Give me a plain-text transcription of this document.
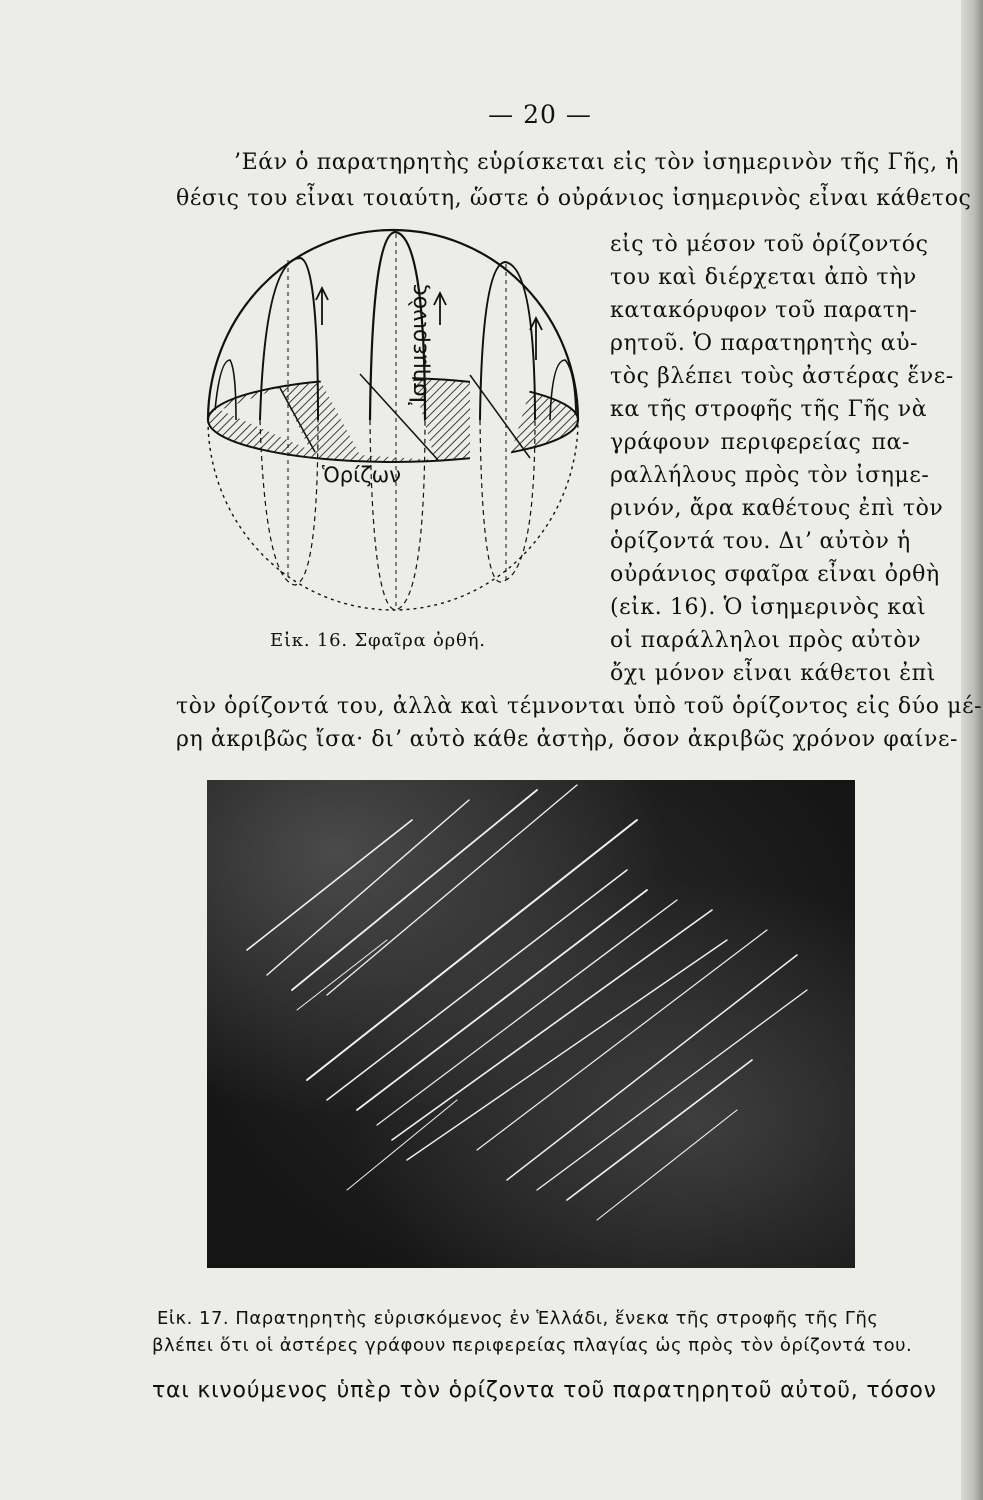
— 20 —
’Εάν ὁ παρατηρητὴς εὑρίσκεται εἰς τὸν ἰσημερινὸν τῆς Γῆς, ἡ
θέσις του εἶναι τοιαύτη, ὥστε ὁ οὐράνιος ἰσημερινὸς εἶναι κάθετος
Ἰσημερινὸς
Ὁρίζων
Εἰκ. 16. Σφαῖρα ὀρθή.
εἰς τὸ μέσον τοῦ ὁρίζοντός
του καὶ διέρχεται ἀπὸ τὴν
κατακόρυφον τοῦ παρατη-
ρητοῦ. Ὁ παρατηρητὴς αὐ-
τὸς βλέπει τοὺς ἀστέρας ἕνε-
κα τῆς στροφῆς τῆς Γῆς νὰ
γράφουν περιφερείας πα-
ραλλήλους πρὸς τὸν ἰσημε-
ρινόν, ἄρα καθέτους ἐπὶ τὸν
ὁρίζοντά του. Διʼ αὐτὸν ἡ
οὐράνιος σφαῖρα εἶναι ὀρθὴ
(εἰκ. 16). Ὁ ἰσημερινὸς καὶ
οἱ παράλληλοι πρὸς αὐτὸν
ὄχι μόνον εἶναι κάθετοι ἐπὶ
τὸν ὁρίζοντά του, ἀλλὰ καὶ τέμνονται ὑπὸ τοῦ ὁρίζοντος εἰς δύο μέ-
ρη ἀκριβῶς ἴσα· διʼ αὐτὸ κάθε ἀστὴρ, ὅσον ἀκριβῶς χρόνον φαίνε-
Εἰκ. 17. Παρατηρητὴς εὑρισκόμενος ἐν Ἑλλάδι, ἕνεκα τῆς στροφῆς τῆς Γῆς
βλέπει ὅτι οἱ ἀστέρες γράφουν περιφερείας πλαγίας ὡς πρὸς τὸν ὁρίζοντά του.
ται κινούμενος ὑπὲρ τὸν ὁρίζοντα τοῦ παρατηρητοῦ αὐτοῦ, τόσον
